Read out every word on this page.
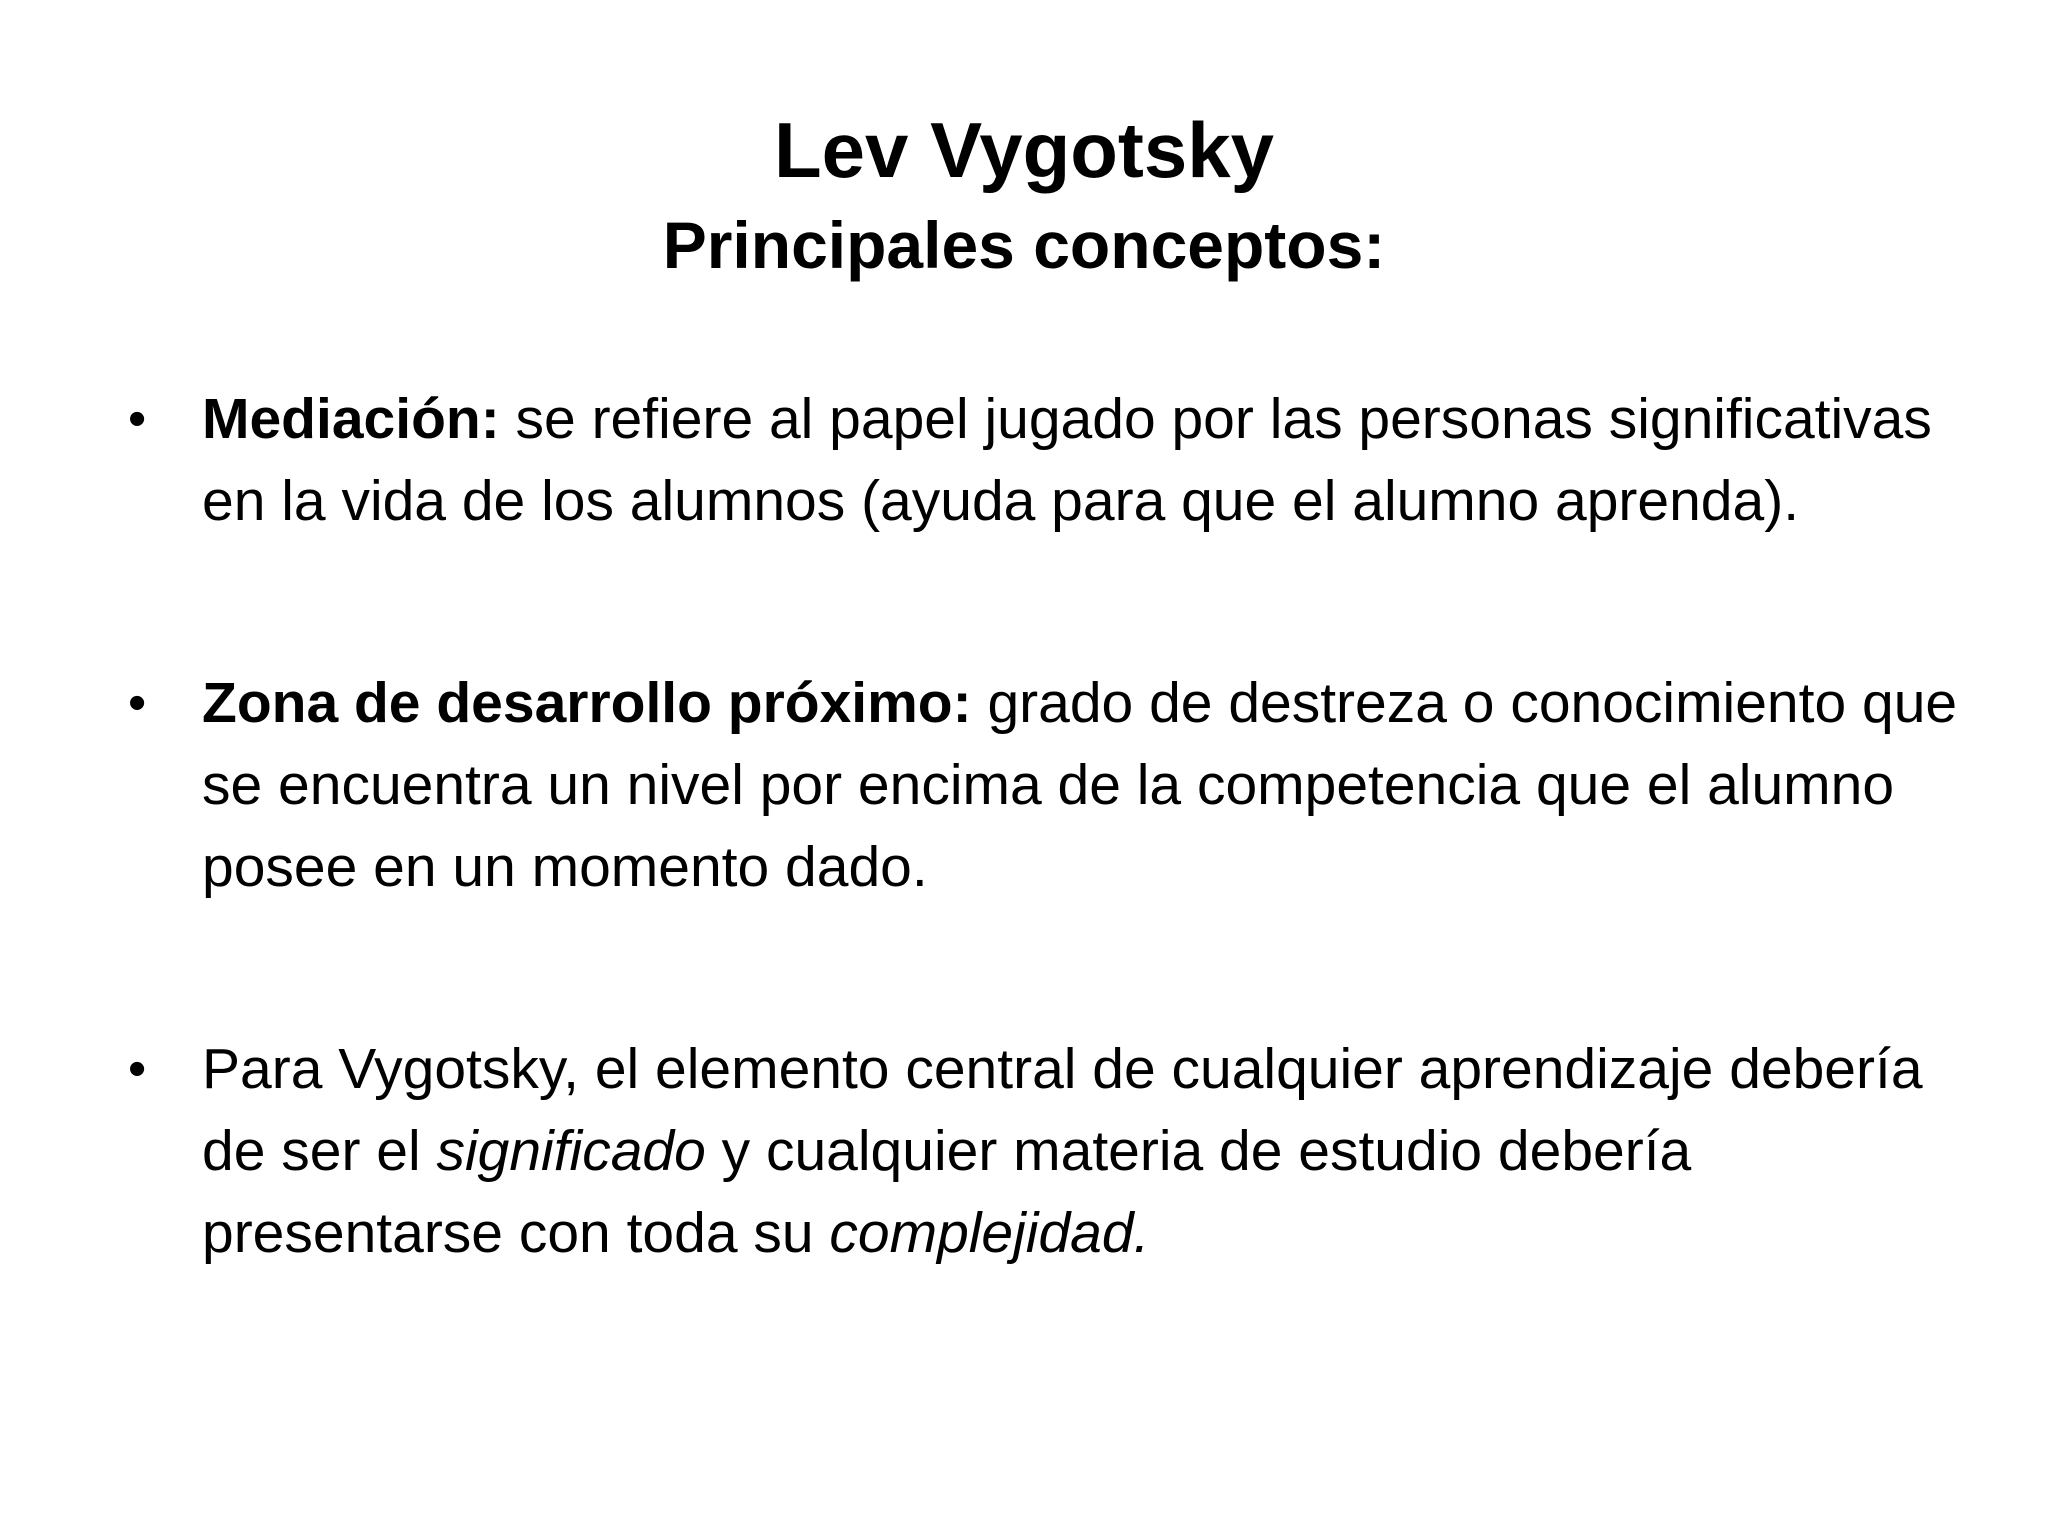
Lev Vygotsky
Principales conceptos:
• Mediación: se refiere al papel jugado por las personas significativas en la vida de los alumnos (ayuda para que el alumno aprenda).
• Zona de desarrollo próximo: grado de destreza o conocimiento que se encuentra un nivel por encima de la competencia que el alumno posee en un momento dado.
• Para Vygotsky, el elemento central de cualquier aprendizaje debería de ser el significado y cualquier materia de estudio debería presentarse con toda su complejidad.
